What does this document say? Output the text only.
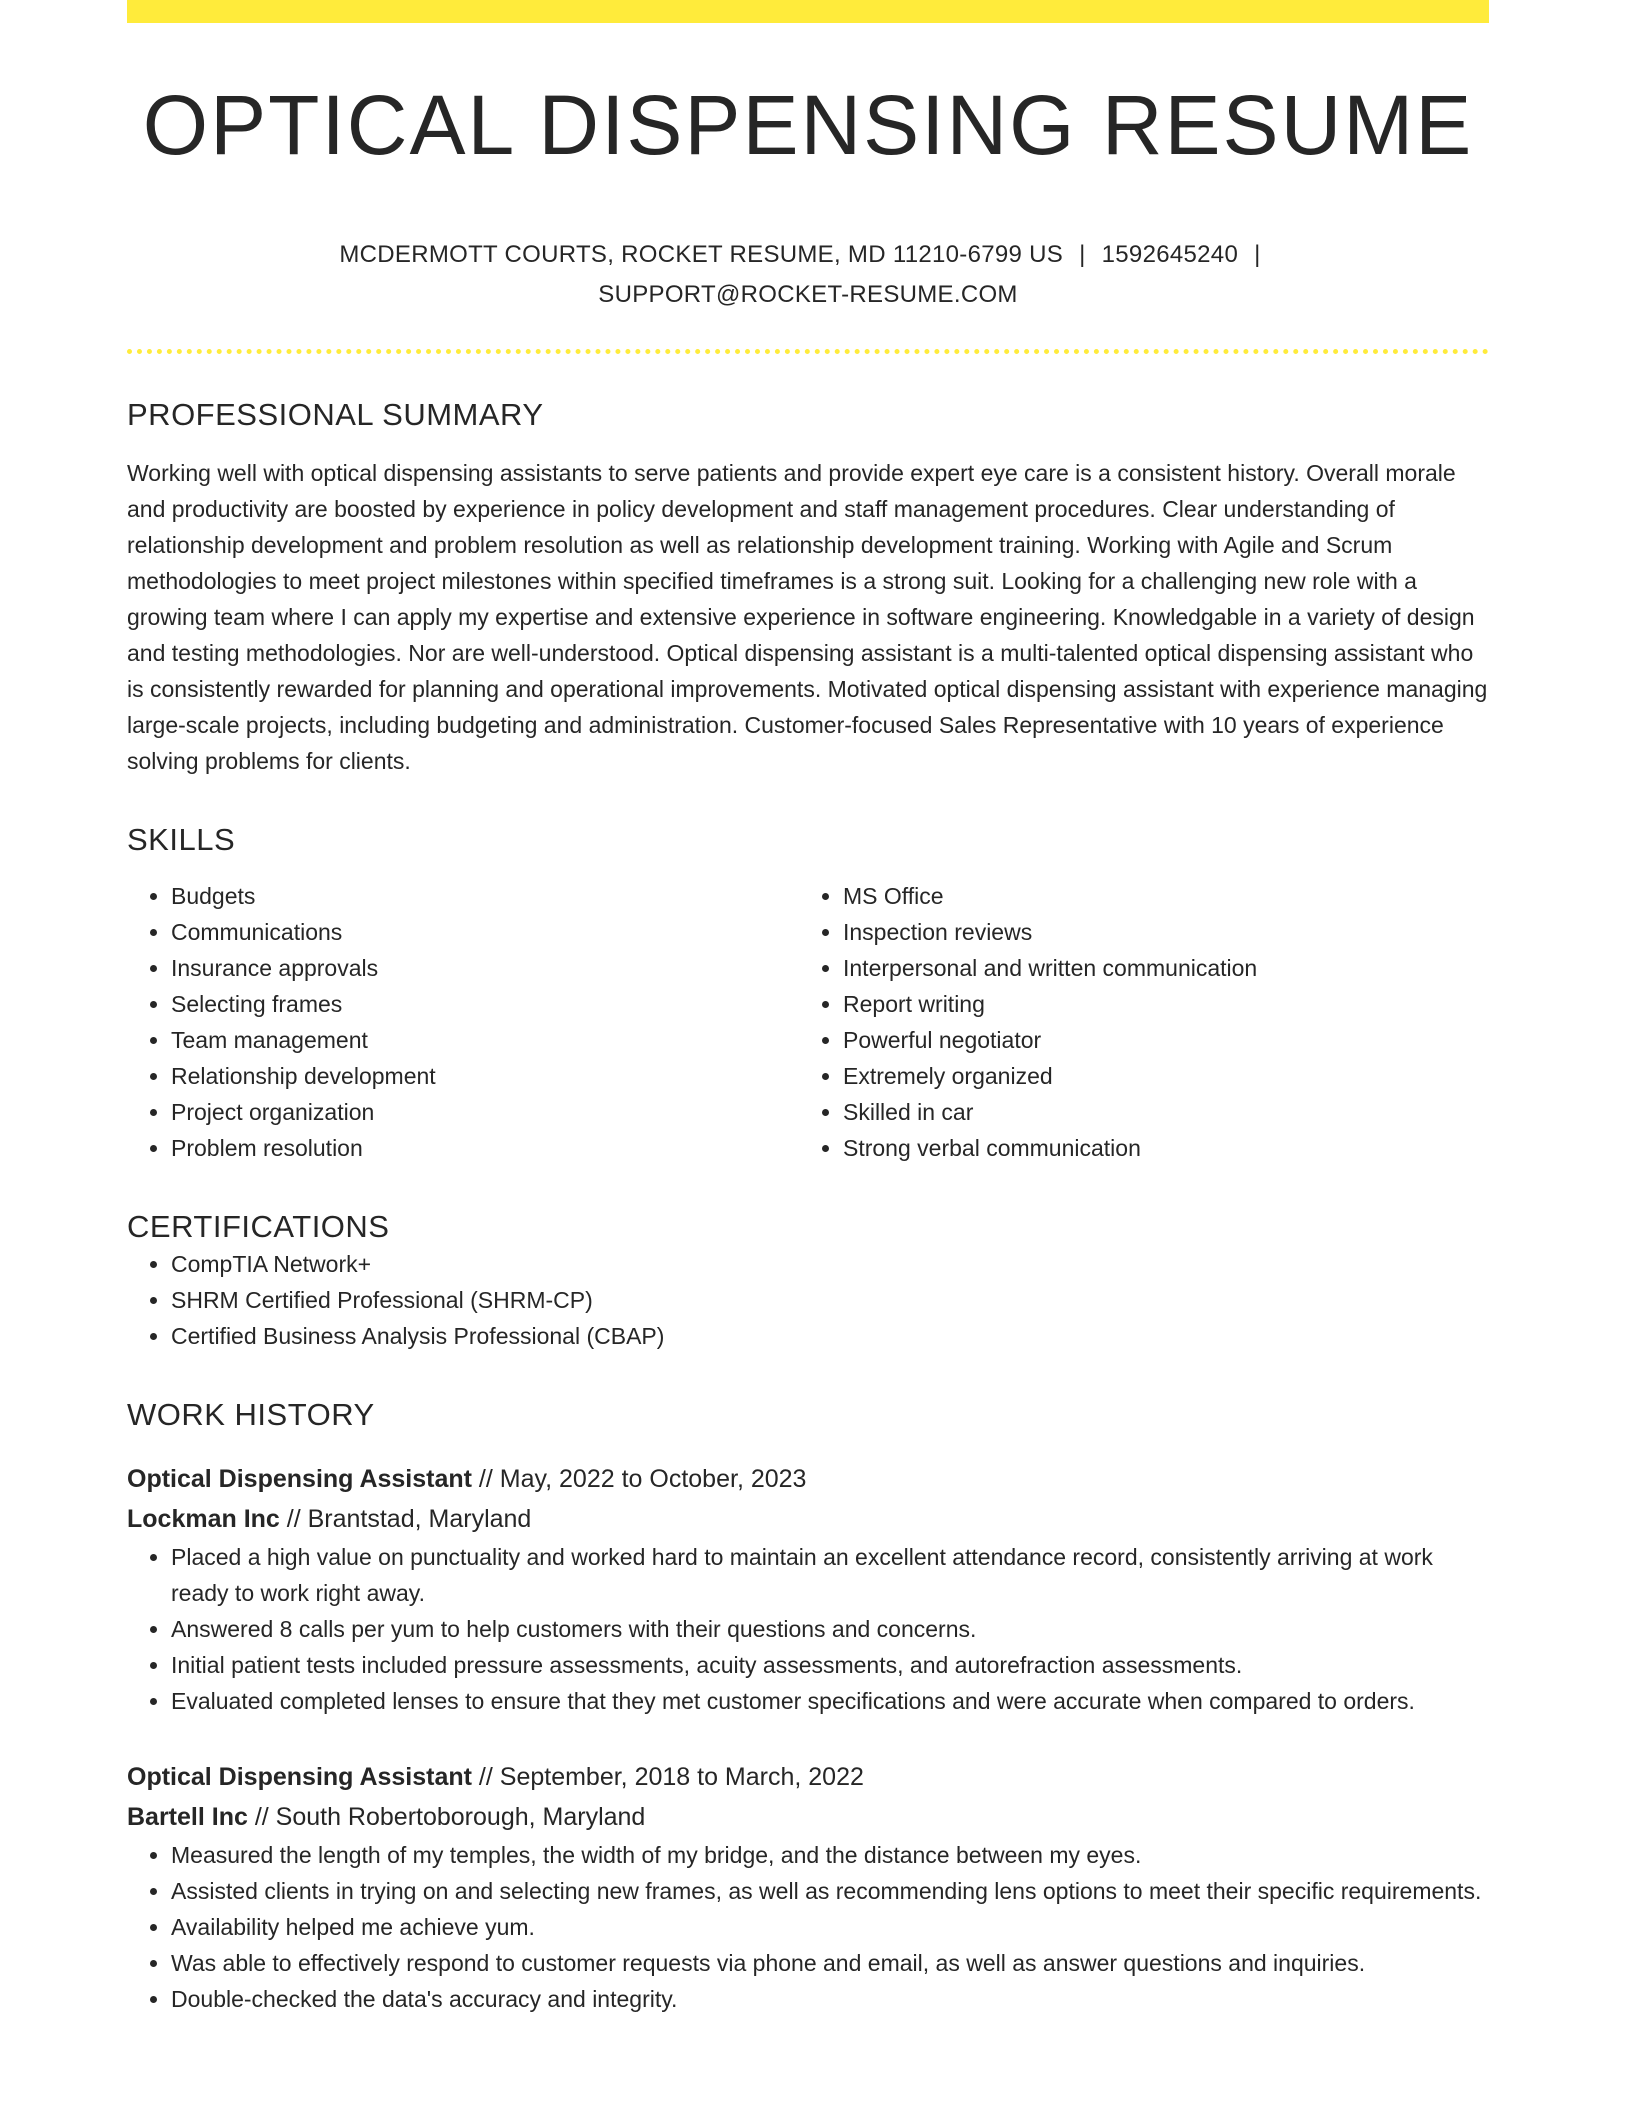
OPTICAL DISPENSING RESUME
MCDERMOTT COURTS, ROCKET RESUME, MD 11210-6799 US | 1592645240 |
SUPPORT@ROCKET-RESUME.COM
PROFESSIONAL SUMMARY
Working well with optical dispensing assistants to serve patients and provide expert eye care is a consistent history. Overall morale and productivity are boosted by experience in policy development and staff management procedures. Clear understanding of relationship development and problem resolution as well as relationship development training. Working with Agile and Scrum methodologies to meet project milestones within specified timeframes is a strong suit. Looking for a challenging new role with a growing team where I can apply my expertise and extensive experience in software engineering. Knowledgable in a variety of design and testing methodologies. Nor are well-understood. Optical dispensing assistant is a multi-talented optical dispensing assistant who is consistently rewarded for planning and operational improvements. Motivated optical dispensing assistant with experience managing large-scale projects, including budgeting and administration. Customer-focused Sales Representative with 10 years of experience solving problems for clients.
SKILLS
• Budgets
• Communications
• Insurance approvals
• Selecting frames
• Team management
• Relationship development
• Project organization
• Problem resolution
• MS Office
• Inspection reviews
• Interpersonal and written communication
• Report writing
• Powerful negotiator
• Extremely organized
• Skilled in car
• Strong verbal communication
CERTIFICATIONS
• CompTIA Network+
• SHRM Certified Professional (SHRM-CP)
• Certified Business Analysis Professional (CBAP)
WORK HISTORY
Optical Dispensing Assistant // May, 2022 to October, 2023
Lockman Inc // Brantstad, Maryland
• Placed a high value on punctuality and worked hard to maintain an excellent attendance record, consistently arriving at work ready to work right away.
• Answered 8 calls per yum to help customers with their questions and concerns.
• Initial patient tests included pressure assessments, acuity assessments, and autorefraction assessments.
• Evaluated completed lenses to ensure that they met customer specifications and were accurate when compared to orders.
Optical Dispensing Assistant // September, 2018 to March, 2022
Bartell Inc // South Robertoborough, Maryland
• Measured the length of my temples, the width of my bridge, and the distance between my eyes.
• Assisted clients in trying on and selecting new frames, as well as recommending lens options to meet their specific requirements.
• Availability helped me achieve yum.
• Was able to effectively respond to customer requests via phone and email, as well as answer questions and inquiries.
• Double-checked the data's accuracy and integrity.
